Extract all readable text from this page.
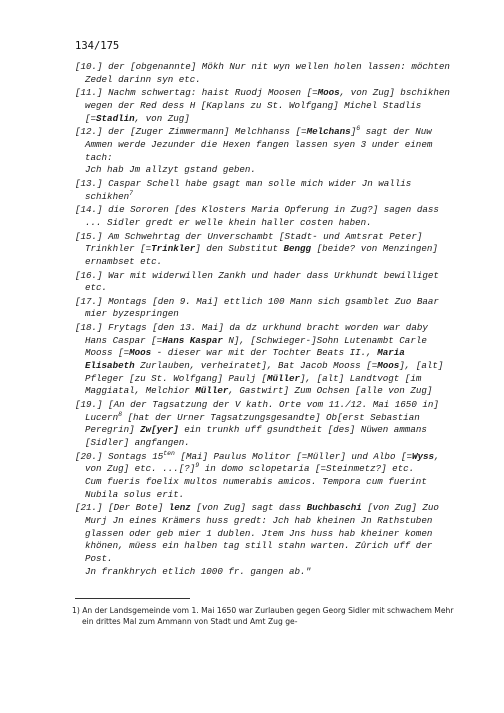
134/175
[10.] der [obgenannte] Mökh Nur nit wyn wellen holen lassen: möchten Zedel darinn syn etc.
[11.] Nachm schwertag: haist Ruodj Moosen [=Moos, von Zug] bschikhen wegen der Red dess H [Kaplans zu St. Wolfgang] Michel Stadlis [=Stadlin, von Zug]
[12.] der [Zuger Zimmermann] Melchhanss [=Melchans]$^6$ sagt der Nuw Ammen werde Jezunder die Hexen fangen lassen syen 3 under einem tach:
Jch hab Jm allzyt gstand geben.
[13.] Caspar Schell habe gsagt man solle mich wider Jn wallis schikhen$^7$
[14.] die Sororen [des Klosters Maria Opferung in Zug?] sagen dass ... Sidler gredt er welle khein haller costen haben.
[15.] Am Schwehrtag der Unverschambt [Stadt- und Amtsrat Peter] Trinkhler [=Trinkler] den Substitut Bengg [beide? von Menzingen] ernambset etc.
[16.] War mit widerwillen Zankh und hader dass Urkhundt bewilliget etc.
[17.] Montags [den 9. Mai] ettlich 100 Mann sich gsamblet Zuo Baar mier byzespringen
[18.] Frytags [den 13. Mai] da dz urkhund bracht worden war daby Hans Caspar [=Hans Kaspar N], [Schwieger-]Sohn Lutenambt Carle Mooss [=Moos - dieser war mit der Tochter Beats II., Maria Elisabeth Zurlauben, verheiratet], Bat Jacob Mooss [=Moos], [alt] Pfleger [zu St. Wolfgang] Paulj [Müller], [alt] Landtvogt [im Maggiatal, Melchior Müller, Gastwirt] Zum Ochsen [alle von Zug]
[19.] [An der Tagsatzung der V kath. Orte vom 11./12. Mai 1650 in] Lucern$^8$ [hat der Urner Tagsatzungsgesandte] Ob[erst Sebastian Peregrin] Zw[yer] ein trunkh uff gsundtheit [des] Nüwen ammans [Sidler] angfangen.
[20.] Sontags $15^{ten}$ [Mai] Paulus Molitor [=Müller] und Albo [=Wyss, von Zug] etc. ...[?]$^9$ in domo sclopetaria [=Steinmetz?] etc.
Cum fueris foelix multos numerabis amicos. Tempora cum fuerint Nubila solus erit.
[21.] [Der Bote] lenz [von Zug] sagt dass Buchbaschi [von Zug] Zuo Murj Jn eines Krämers huss gredt: Jch hab kheinen Jn Rathstuben glassen oder geb mier 1 dublen. Jtem Jns huss hab kheiner komen khönen, müess ein halben tag still stahn warten. Zûrich uff der Post.
Jn frankhrych etlich 1000 fr. gangen ab."
1) An der Landsgemeinde vom 1. Mai 1650 war Zurlauben gegen Georg Sidler mit schwachem Mehr ein drittes Mal zum Ammann von Stadt und Amt Zug ge-
